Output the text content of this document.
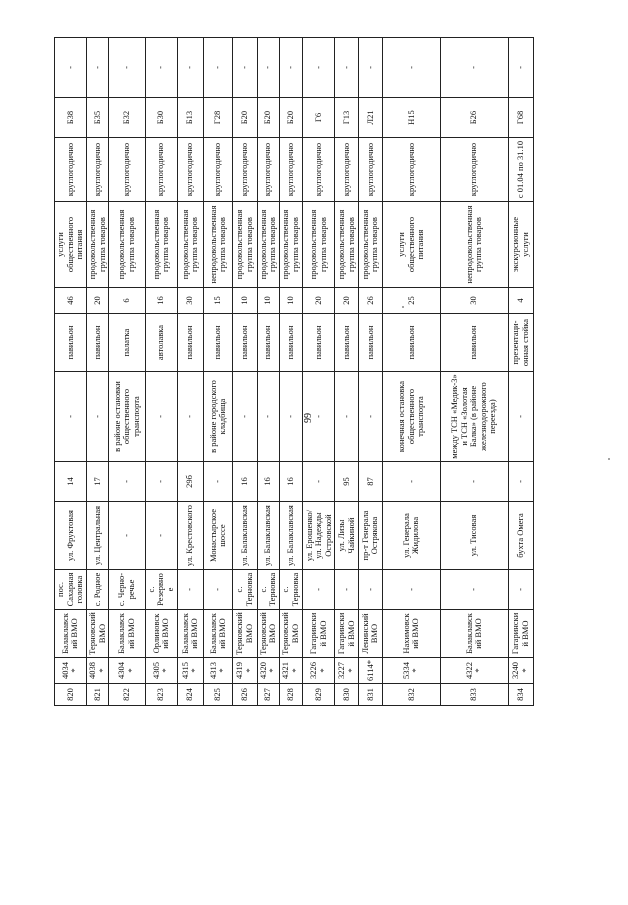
99
820	4034*	Балаклавский ВМО	пос. Сахарная головка	ул. Фруктовая	14	-	павильон	46	услуги общественного питания	круглогодично	Б38	-
821	4038*	Терновский ВМО	с. Родное	ул. Центральная	17	-	павильон	20	продовольственная группа товаров	круглогодично	Б35	-
822	4304*	Балаклавский ВМО	с. Черно- речье	-	-	в районе остановки общественного транспорта	палатка	6	продовольственная группа товаров	круглогодично	Б32	-
823	4305*	Орлиновский ВМО	с. Резервное	-	-	-	автолавка	16	продовольственная группа товаров	круглогодично	Б30	-
824	4315*	Балаклавский ВМО	-	ул. Крестовского	29б	-	павильон	30	продовольственная группа товаров	круглогодично	Б13	-
825	4313*	Балаклавский ВМО	-	Монастырское шоссе	-	в районе городского кладбища	павильон	15	непродовольственная группа товаров	круглогодично	Г28	-
826	4319*	Терновский ВМО	с. Терновка	ул. Балаклавская	16	-	павильон	10	продовольственная группа товаров	круглогодично	Б20	-
827	4320*	Терновский ВМО	с. Терновка	ул. Балаклавская	16	-	павильон	10	продовольственная группа товаров	круглогодично	Б20	-
828	4321*	Терновский ВМО	с. Терновка	ул. Балаклавская	16	-	павильон	10	продовольственная группа товаров	круглогодично	Б20	-
829	3226*	Гагаринский ВМО	-	ул. Ерошенко/ ул. Надежды Островской	-	-	павильон	20	продовольственная группа товаров	круглогодично	Г6	-
830	3227*	Гагаринский ВМО	-	ул. Лизы Чайкиной	95	-	павильон	20	продовольственная группа товаров	круглогодично	Г13	-
831	6114*	Ленинский ВМО	-	пр-т Генерала Острякова	87	-	павильон	26	продовольственная группа товаров	круглогодично	Л21	-
832	5334*	Нахимовский ВМО	-	ул. Генерала Жидилова	-	конечная остановка общественного транспорта	павильон	25	услуги общественного питания	круглогодично	Н15	-
833	4322*	Балаклавский ВМО	-	ул. Тисовая	-	между ТСН «Медик-3» и ТСН «Золотая Балка» (в районе железнодорожного переезда)	павильон	30	непродовольственная группа товаров	круглогодично	Б26	-
834	3240*	Гагаринский ВМО	-	бухта Омега	-	-	презентаци- онная стойка	4	экскурсионные услуги	с 01.04 по 31.10	Г68	-
